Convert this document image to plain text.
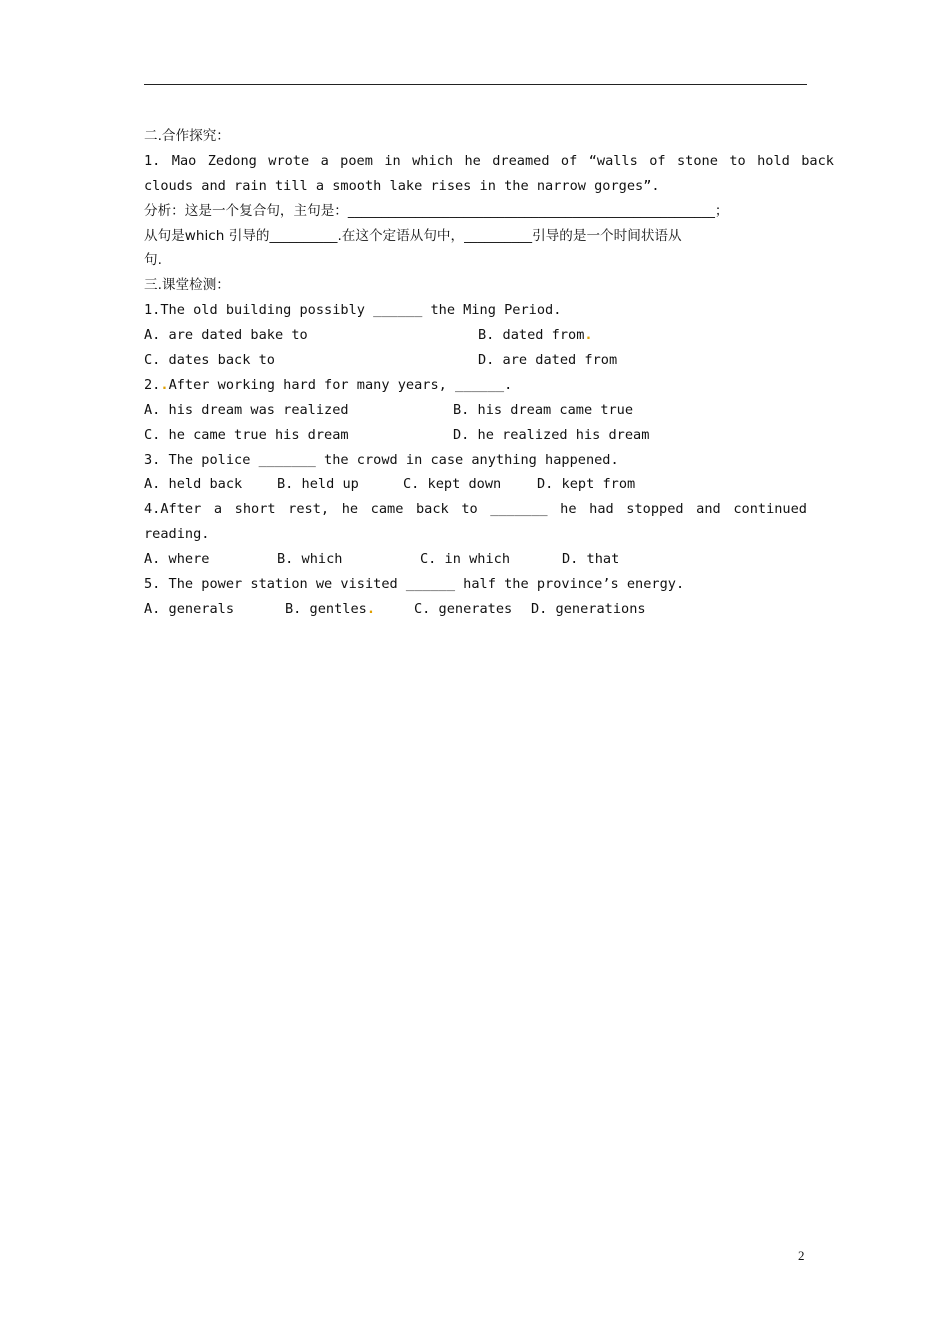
二.合作探究：
1. Mao Zedong wrote a poem in which he dreamed of “walls of stone to hold back
clouds and rain till a smooth lake rises in the narrow gorges”.
分析：这是一个复合句，主句是：______________________________________________________；
从句是which 引导的__________.在这个定语从句中，__________引导的是一个时间状语从
句.
三.课堂检测：
1.The old building possibly ______ the Ming Period.
A. are dated bake to	B. dated from.
C. dates back to	D. are dated from
2..After working hard for many years, ______.
A. his dream was realized	B. his dream came true
C. he came true his dream	D. he realized his dream
3. The police _______ the crowd in case anything happened.
A. held back	B. held up	C. kept down	D. kept from
4.After a short rest, he came back to _______ he had stopped and continued
reading.
A. where	B. which	C. in which	D. that
5. The power station we visited ______ half the province’s energy.
A. generals	B. gentles.	C. generates D. generations
2
